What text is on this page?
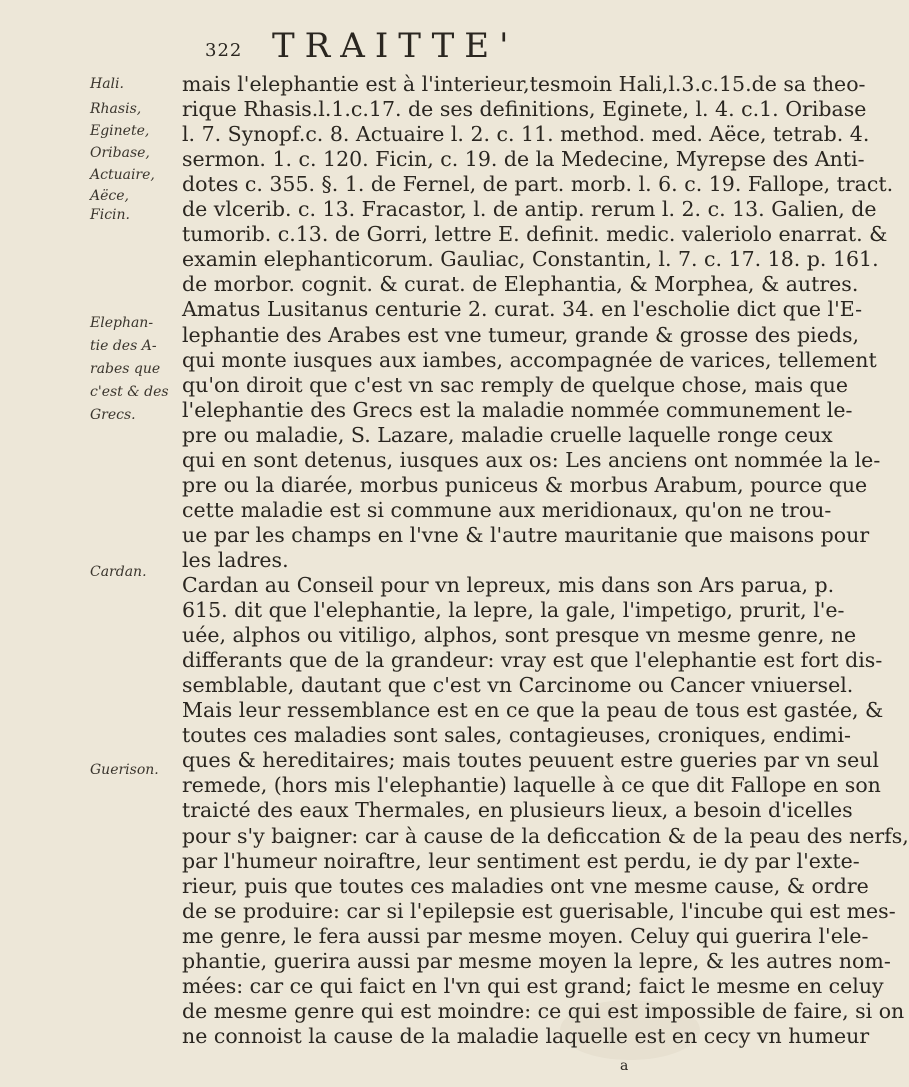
322 TRAITTE'
Hali.
Rhasis,
Eginete,
Oribase,
Actuaire,
Aëce,
Ficin.
Elephan-
tie des A-
rabes que
c'est & des
Grecs.
Cardan.
Guerison.
mais l'elephantie est à l'interieur,tesmoin Hali,l.3.c.15.de sa theo-
rique Rhasis.l.1.c.17. de ses definitions, Eginete, l. 4. c.1. Oribase
l. 7. Synopf.c. 8. Actuaire l. 2. c. 11. method. med. Aëce, tetrab. 4.
sermon. 1. c. 120. Ficin, c. 19. de la Medecine, Myrepse des Anti-
dotes c. 355. §. 1. de Fernel, de part. morb. l. 6. c. 19. Fallope, tract.
de vlcerib. c. 13. Fracastor, l. de antip. rerum l. 2. c. 13. Galien, de
tumorib. c.13. de Gorri, lettre E. definit. medic. valeriolo enarrat. &
examin elephanticorum. Gauliac, Constantin, l. 7. c. 17. 18. p. 161.
de morbor. cognit. & curat. de Elephantia, & Morphea, & autres.
Amatus Lusitanus centurie 2. curat. 34. en l'escholie dict que l'E-
lephantie des Arabes est vne tumeur, grande & grosse des pieds,
qui monte iusques aux iambes, accompagnée de varices, tellement
qu'on diroit que c'est vn sac remply de quelque chose, mais que
l'elephantie des Grecs est la maladie nommée communement le-
pre ou maladie, S. Lazare, maladie cruelle laquelle ronge ceux
qui en sont detenus, iusques aux os: Les anciens ont nommée la le-
pre ou la diarée, morbus puniceus & morbus Arabum, pource que
cette maladie est si commune aux meridionaux, qu'on ne trou-
ue par les champs en l'vne & l'autre mauritanie que maisons pour
les ladres.
Cardan au Conseil pour vn lepreux, mis dans son Ars parua, p.
615. dit que l'elephantie, la lepre, la gale, l'impetigo, prurit, l'e-
uée, alphos ou vitiligo, alphos, sont presque vn mesme genre, ne
differants que de la grandeur: vray est que l'elephantie est fort dis-
semblable, dautant que c'est vn Carcinome ou Cancer vniuersel.
Mais leur ressemblance est en ce que la peau de tous est gastée, &
toutes ces maladies sont sales, contagieuses, croniques, endimi-
ques & hereditaires; mais toutes peuuent estre gueries par vn seul
remede, (hors mis l'elephantie) laquelle à ce que dit Fallope en son
traicté des eaux Thermales, en plusieurs lieux, a besoin d'icelles
pour s'y baigner: car à cause de la deficcation & de la peau des nerfs,
par l'humeur noiraftre, leur sentiment est perdu, ie dy par l'exte-
rieur, puis que toutes ces maladies ont vne mesme cause, & ordre
de se produire: car si l'epilepsie est guerisable, l'incube qui est mes-
me genre, le fera aussi par mesme moyen. Celuy qui guerira l'ele-
phantie, guerira aussi par mesme moyen la lepre, & les autres nom-
mées: car ce qui faict en l'vn qui est grand; faict le mesme en celuy
de mesme genre qui est moindre: ce qui est impossible de faire, si on
ne connoist la cause de la maladie laquelle est en cecy vn humeur
a
